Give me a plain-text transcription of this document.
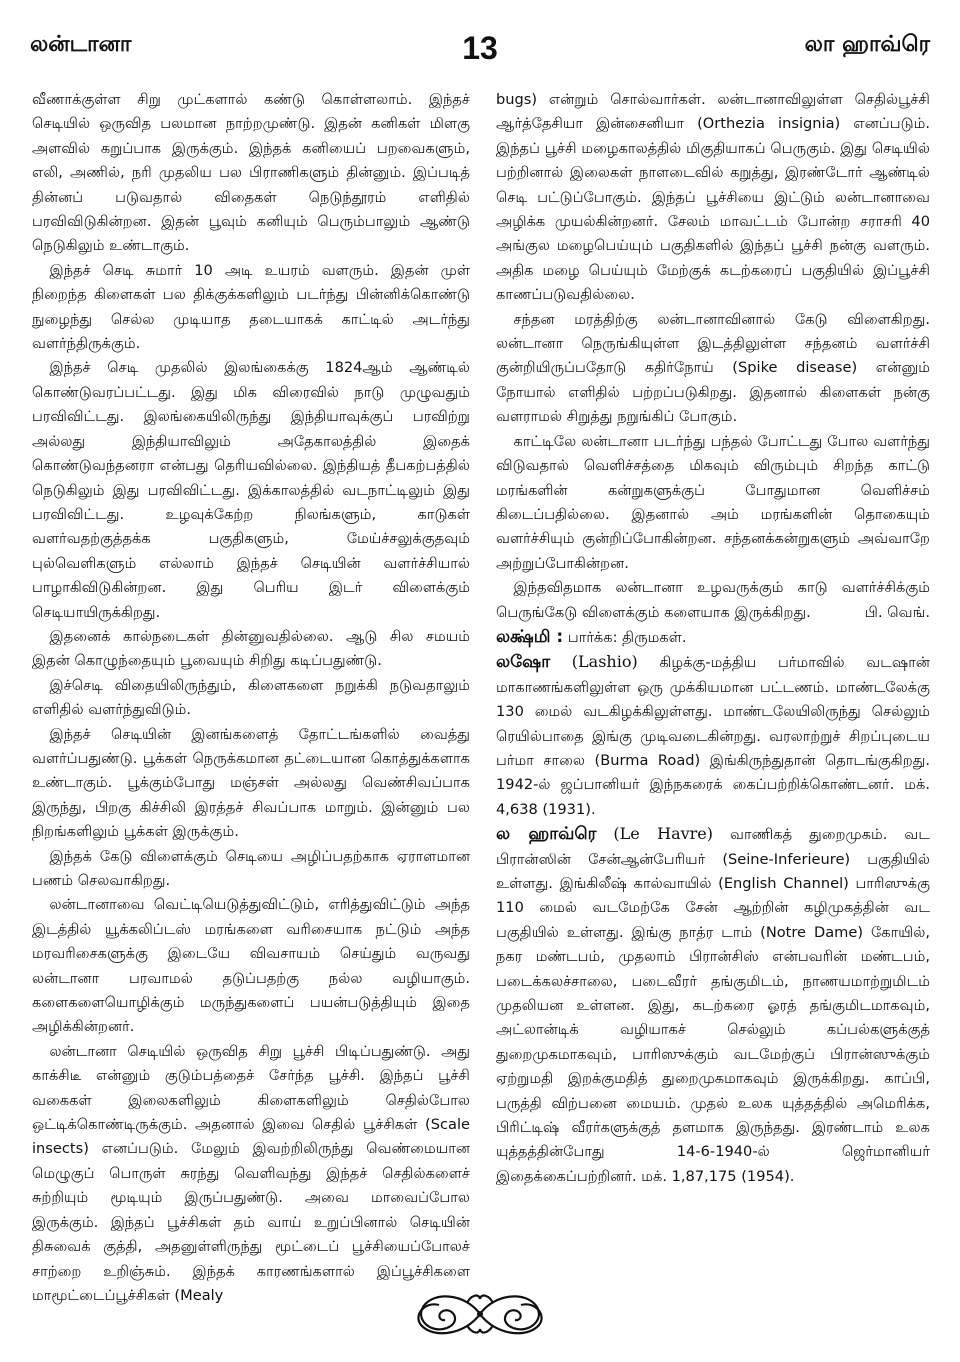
லன்டானா	13	லா ஹாவ்ரெ

வீணாக்குள்ள சிறு முட்களால் கண்டு கொள்ளலாம். இந்தச் செடியில் ஒருவித பலமான நாற்றமுண்டு. இதன் கனிகள் மிளகு அளவில் கறுப்பாக இருக்கும். இந்தக் கனியைப் பறவைகளும், எலி, அணில், நரி முதலிய பல பிராணிகளும் தின்னும். இப்படித் தின்னப் படுவதால் விதைகள் நெடுந்தூரம் எளிதில் பரவிவிடுகின்றன. இதன் பூவும் கனியும் பெரும்பாலும் ஆண்டு நெடுகிலும் உண்டாகும்.

இந்தச் செடி சுமார் 10 அடி உயரம் வளரும். இதன் முள் நிறைந்த கிளைகள் பல திக்குக்களிலும் படர்ந்து பின்னிக்கொண்டு நுழைந்து செல்ல முடியாத தடையாகக் காட்டில் அடர்ந்து வளர்ந்திருக்கும்.

இந்தச் செடி முதலில் இலங்கைக்கு 1824ஆம் ஆண்டில் கொண்டுவரப்பட்டது. இது மிக விரைவில் நாடு முழுவதும் பரவிவிட்டது. இலங்கையிலிருந்து இந்தியாவுக்குப் பரவிற்று அல்லது இந்தியாவிலும் அதேகாலத்தில் இதைக் கொண்டுவந்தனரா என்பது தெரியவில்லை. இந்தியத் தீபகற்பத்தில் நெடுகிலும் இது பரவிவிட்டது. இக்காலத்தில் வடநாட்டிலும் இது பரவிவிட்டது. உழவுக்கேற்ற நிலங்களும், காடுகள் வளர்வதற்குத்தக்க பகுதிகளும், மேய்ச்சலுக்குதவும் புல்வெளிகளும் எல்லாம் இந்தச் செடியின் வளர்ச்சியால் பாழாகிவிடுகின்றன. இது பெரிய இடர் விளைக்கும் செடியாயிருக்கிறது.

இதனைக் கால்நடைகள் தின்னுவதில்லை. ஆடு சில சமயம் இதன் கொழுந்தையும் பூவையும் சிறிது கடிப்பதுண்டு.

இச்செடி விதையிலிருந்தும், கிளைகளை நறுக்கி நடுவதாலும் எளிதில் வளர்ந்துவிடும்.

இந்தச் செடியின் இனங்களைத் தோட்டங்களில் வைத்து வளர்ப்பதுண்டு. பூக்கள் நெருக்கமான தட்டையான கொத்துக்களாக உண்டாகும். பூக்கும்போது மஞ்சள் அல்லது வெண்சிவப்பாக இருந்து, பிறகு கிச்சிலி இரத்தச் சிவப்பாக மாறும். இன்னும் பல நிறங்களிலும் பூக்கள் இருக்கும்.

இந்தக் கேடு விளைக்கும் செடியை அழிப்பதற்காக ஏராளமான பணம் செலவாகிறது.

லன்டானாவை வெட்டியெடுத்துவிட்டும், எரித்துவிட்டும் அந்த இடத்தில் யூக்கலிப்டஸ் மரங்களை வரிசையாக நட்டும் அந்த மரவரிசைகளுக்கு இடையே விவசாயம் செய்தும் வருவது லன்டானா பரவாமல் தடுப்பதற்கு நல்ல வழியாகும். களைகளையொழிக்கும் மருந்துகளைப் பயன்படுத்தியும் இதை அழிக்கின்றனர்.

லன்டானா செடியில் ஒருவித சிறு பூச்சி பிடிப்பதுண்டு. அது காக்சிடீ என்னும் குடும்பத்தைச் சேர்ந்த பூச்சி. இந்தப் பூச்சி வகைகள் இலைகளிலும் கிளைகளிலும் செதில்போல ஒட்டிக்கொண்டிருக்கும். அதனால் இவை செதில் பூச்சிகள் (Scale insects) எனப்படும். மேலும் இவற்றிலிருந்து வெண்மையான மெழுகுப் பொருள் சுரந்து வெளிவந்து இந்தச் செதில்களைச் சுற்றியும் மூடியும் இருப்பதுண்டு. அவை மாவைப்போல இருக்கும். இந்தப் பூச்சிகள் தம் வாய் உறுப்பினால் செடியின் திசுவைக் குத்தி, அதனுள்ளிருந்து மூட்டைப் பூச்சியைப்போலச் சாற்றை உறிஞ்சும். இந்தக் காரணங்களால் இப்பூச்சிகளை மாமூட்டைப்பூச்சிகள் (Mealy

bugs) என்றும் சொல்வார்கள். லன்டானாவிலுள்ள செதில்பூச்சி ஆர்த்தேசியா இன்சைனியா (Orthezia insignia) எனப்படும். இந்தப் பூச்சி மழைகாலத்தில் மிகுதியாகப் பெருகும். இது செடியில் பற்றினால் இலைகள் நாளடைவில் கறுத்து, இரண்டோர் ஆண்டில் செடி பட்டுப்போகும். இந்தப் பூச்சியை இட்டும் லன்டானாவை அழிக்க முயல்கின்றனர். சேலம் மாவட்டம் போன்ற சராசரி 40 அங்குல மழைபெய்யும் பகுதிகளில் இந்தப் பூச்சி நன்கு வளரும். அதிக மழை பெய்யும் மேற்குக் கடற்கரைப் பகுதியில் இப்பூச்சி காணப்படுவதில்லை.

சந்தன மரத்திற்கு லன்டானாவினால் கேடு விளைகிறது. லன்டானா நெருங்கியுள்ள இடத்திலுள்ள சந்தனம் வளர்ச்சி குன்றியிருப்பதோடு கதிர்நோய் (Spike disease) என்னும் நோயால் எளிதில் பற்றப்படுகிறது. இதனால் கிளைகள் நன்கு வளராமல் சிறுத்து நறுங்கிப் போகும்.

காட்டிலே லன்டானா படர்ந்து பந்தல் போட்டது போல வளர்ந்து விடுவதால் வெளிச்சத்தை மிகவும் விரும்பும் சிறந்த காட்டு மரங்களின் கன்றுகளுக்குப் போதுமான வெளிச்சம் கிடைப்பதில்லை. இதனால் அம் மரங்களின் தொகையும் வளர்ச்சியும் குன்றிப்போகின்றன. சந்தனக்கன்றுகளும் அவ்வாறே அற்றுப்போகின்றன.

இந்தவிதமாக லன்டானா உழவருக்கும் காடு வளர்ச்சிக்கும் பெருங்கேடு விளைக்கும் களையாக இருக்கிறது.	பி. வெங்.

லக்ஷ்மி : பார்க்க: திருமகள்.

லஷோ (Lashio) கிழக்கு-மத்திய பர்மாவில் வடஷான் மாகாணங்களிலுள்ள ஒரு முக்கியமான பட்டணம். மாண்டலேக்கு 130 மைல் வடகிழக்கிலுள்ளது. மாண்டலேயிலிருந்து செல்லும் ரெயில்பாதை இங்கு முடிவடைகின்றது. வரலாற்றுச் சிறப்புடைய பர்மா சாலை (Burma Road) இங்கிருந்துதான் தொடங்குகிறது. 1942-ல் ஜப்பானியர் இந்நகரைக் கைப்பற்றிக்கொண்டனர். மக். 4,638 (1931).

ல ஹாவ்ரெ (Le Havre) வாணிகத் துறைமுகம். வட பிரான்ஸின் சேன்ஆன்பேரியர் (Seine-Inferieure) பகுதியில் உள்ளது. இங்கிலீஷ் கால்வாயில் (English Channel) பாரிஸுக்கு 110 மைல் வடமேற்கே சேன் ஆற்றின் கழிமுகத்தின் வட பகுதியில் உள்ளது. இங்கு நாத்ர டாம் (Notre Dame) கோயில், நகர மண்டபம், முதலாம் பிரான்சிஸ் என்பவரின் மண்டபம், படைக்கலச்சாலை, படைவீரர் தங்குமிடம், நாணயமாற்றுமிடம் முதலியன உள்ளன. இது, கடற்கரை ஓரத் தங்குமிடமாகவும், அட்லான்டிக் வழியாகச் செல்லும் கப்பல்களுக்குத் துறைமுகமாகவும், பாரிஸுக்கும் வடமேற்குப் பிரான்ஸுக்கும் ஏற்றுமதி இறக்குமதித் துறைமுகமாகவும் இருக்கிறது. காப்பி, பருத்தி விற்பனை மையம். முதல் உலக யுத்தத்தில் அமெரிக்க, பிரிட்டிஷ் வீரர்களுக்குத் தளமாக இருந்தது. இரண்டாம் உலக யுத்தத்தின்போது 14-6-1940-ல் ஜெர்மானியர் இதைக்கைப்பற்றினர். மக். 1,87,175 (1954).
